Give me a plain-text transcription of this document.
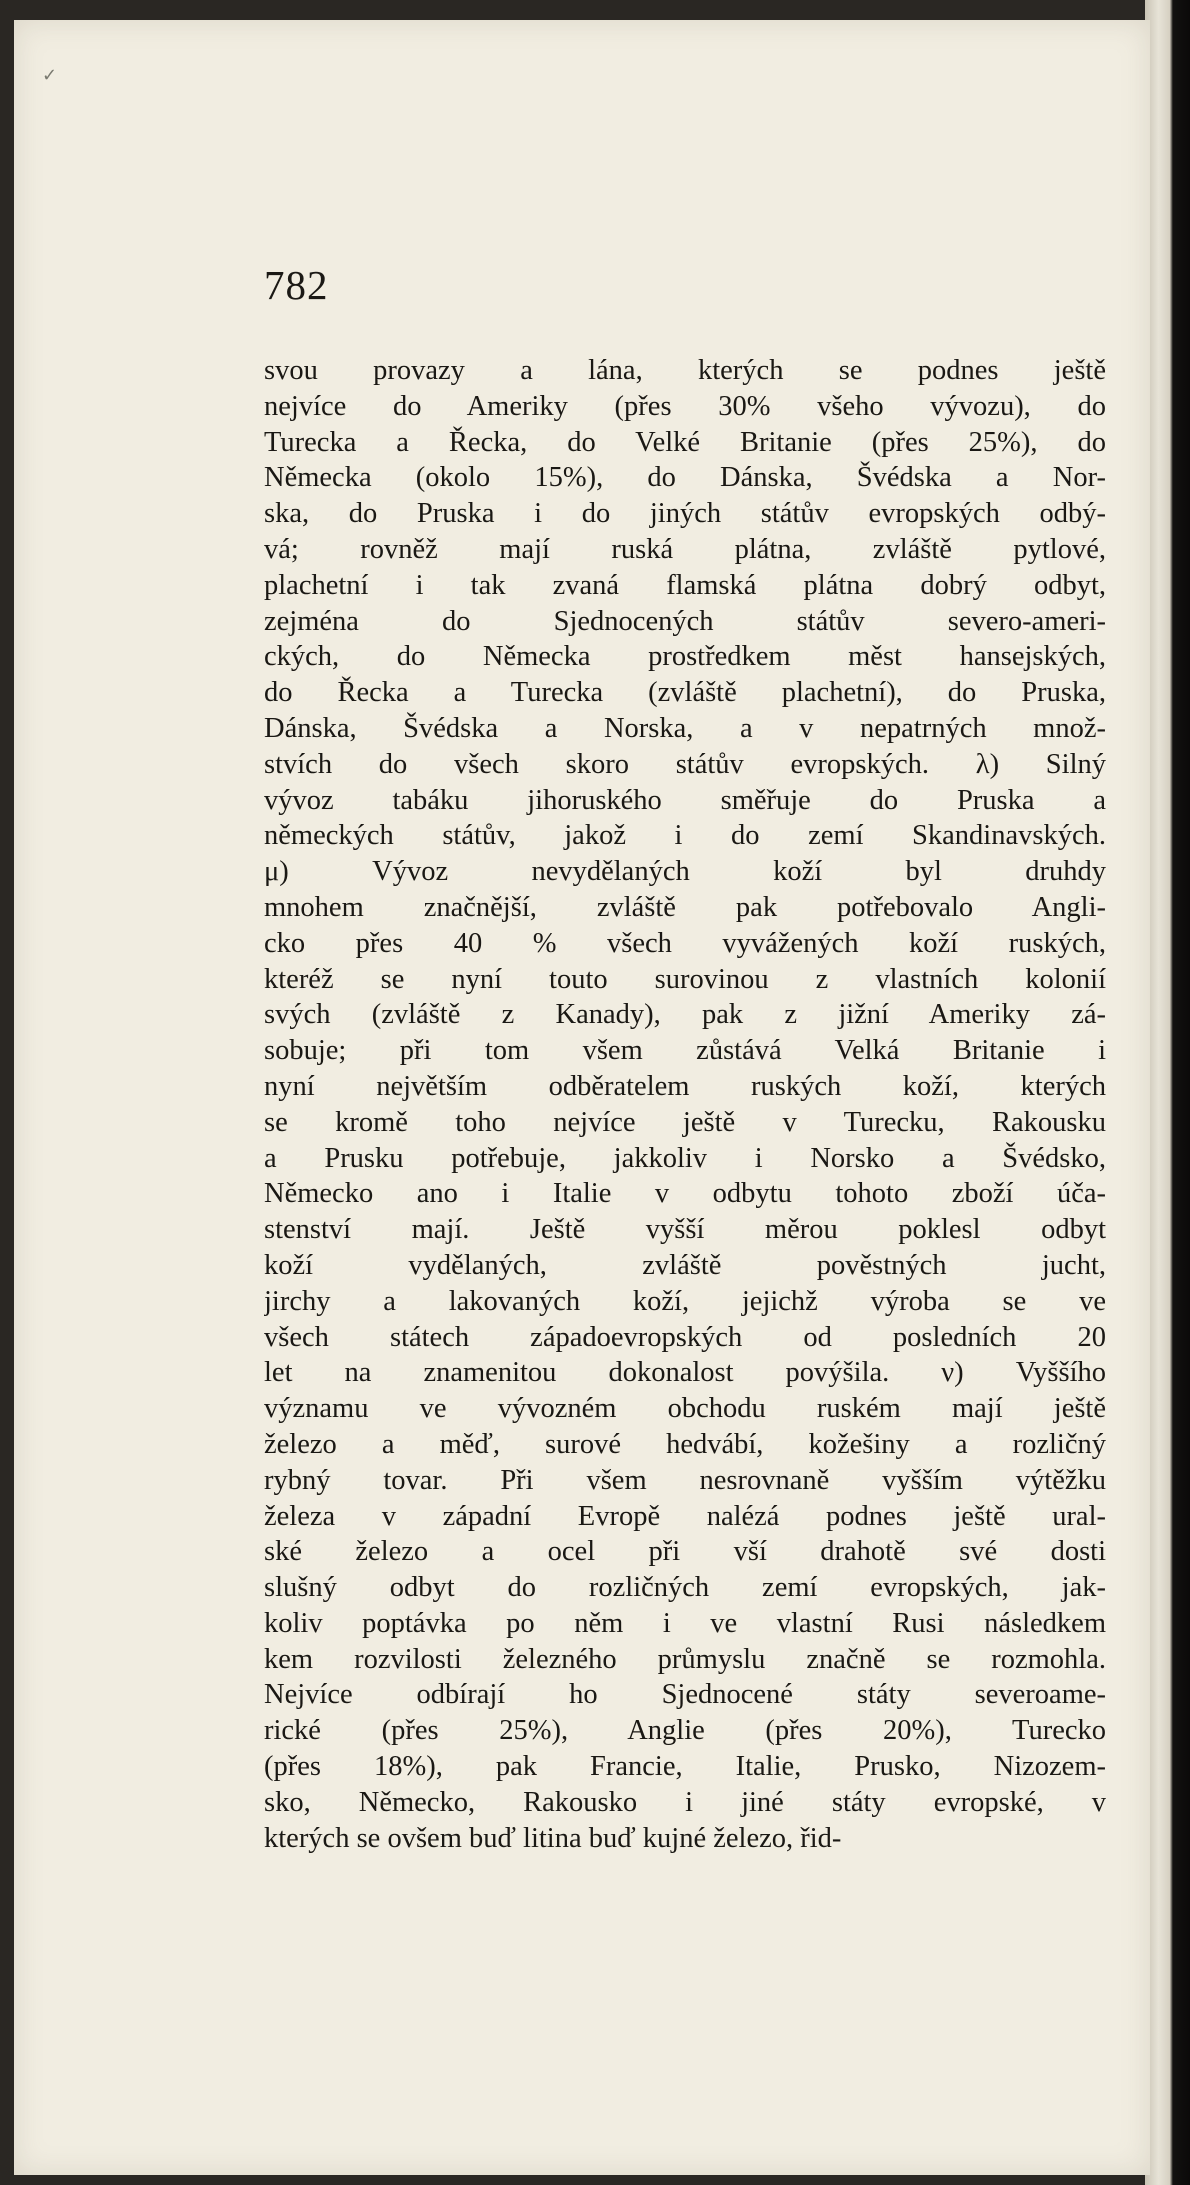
✓
782
svou provazy a lána, kterých se podnes ještě
nejvíce do Ameriky (přes 30% všeho vývozu), do
Turecka a Řecka, do Velké Britanie (přes 25%), do
Německa (okolo 15%), do Dánska, Švédska a Nor-
ska, do Pruska i do jiných státův evropských odbý-
vá; rovněž mají ruská plátna, zvláště pytlové,
plachetní i tak zvaná flamská plátna dobrý odbyt,
zejména do Sjednocených státův severo-ameri-
ckých, do Německa prostředkem měst hansejských,
do Řecka a Turecka (zvláště plachetní), do Pruska,
Dánska, Švédska a Norska, a v nepatrných množ-
stvích do všech skoro státův evropských. λ) Silný
vývoz tabáku jihoruského směřuje do Pruska a
německých státův, jakož i do zemí Skandinavských.
μ) Vývoz nevydělaných koží byl druhdy
mnohem značnější, zvláště pak potřebovalo Angli-
cko přes 40 % všech vyvážených koží ruských,
kteréž se nyní touto surovinou z vlastních kolonií
svých (zvláště z Kanady), pak z jižní Ameriky zá-
sobuje; při tom všem zůstává Velká Britanie i
nyní největším odběratelem ruských koží, kterých
se kromě toho nejvíce ještě v Turecku, Rakousku
a Prusku potřebuje, jakkoliv i Norsko a Švédsko,
Německo ano i Italie v odbytu tohoto zboží úča-
stenství mají. Ještě vyšší měrou poklesl odbyt
koží vydělaných, zvláště pověstných jucht,
jirchy a lakovaných koží, jejichž výroba se ve
všech státech západoevropských od posledních 20
let na znamenitou dokonalost povýšila. ν) Vyššího
významu ve vývozném obchodu ruském mají ještě
železo a měď, surové hedvábí, kožešiny a rozličný
rybný tovar. Při všem nesrovnaně vyšším výtěžku
železa v západní Evropě nalézá podnes ještě ural-
ské železo a ocel při vší drahotě své dosti
slušný odbyt do rozličných zemí evropských, jak-
koliv poptávka po něm i ve vlastní Rusi následkem
kem rozvilosti železného průmyslu značně se rozmohla.
Nejvíce odbírají ho Sjednocené státy severoame-
rické (přes 25%), Anglie (přes 20%), Turecko
(přes 18%), pak Francie, Italie, Prusko, Nizozem-
sko, Německo, Rakousko i jiné státy evropské, v
kterých se ovšem buď litina buď kujné železo, řid-
